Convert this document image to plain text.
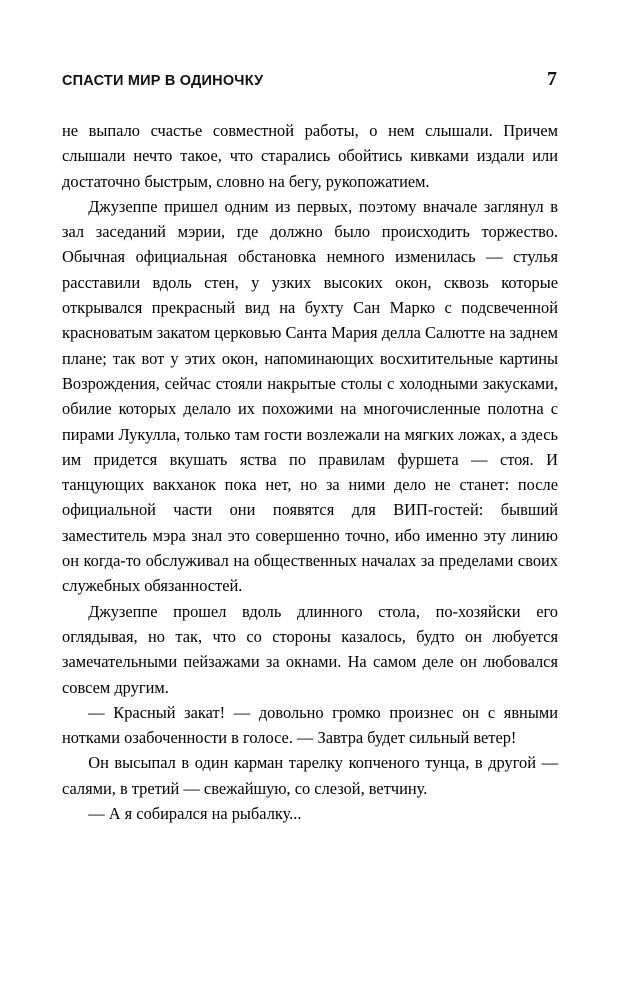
СПАСТИ МИР В ОДИНОЧКУ	7

не выпало счастье совместной работы, о нем слышали. Причем слышали нечто такое, что старались обойтись кивками издали или достаточно быстрым, словно на бегу, рукопожатием.

Джузеппе пришел одним из первых, поэтому вначале заглянул в зал заседаний мэрии, где должно было происходить торжество. Обычная официальная обстановка немного изменилась — стулья расставили вдоль стен, у узких высоких окон, сквозь которые открывался прекрасный вид на бухту Сан Марко с подсвеченной красноватым закатом церковью Санта Мария делла Салютте на заднем плане; так вот у этих окон, напоминающих восхитительные картины Возрождения, сейчас стояли накрытые столы с холодными закусками, обилие которых делало их похожими на многочисленные полотна с пирами Лукулла, только там гости возлежали на мягких ложах, а здесь им придется вкушать яства по правилам фуршета — стоя. И танцующих вакханок пока нет, но за ними дело не станет: после официальной части они появятся для ВИП-гостей: бывший заместитель мэра знал это совершенно точно, ибо именно эту линию он когда-то обслуживал на общественных началах за пределами своих служебных обязанностей.

Джузеппе прошел вдоль длинного стола, по-хозяйски его оглядывая, но так, что со стороны казалось, будто он любуется замечательными пейзажами за окнами. На самом деле он любовался совсем другим.

— Красный закат! — довольно громко произнес он с явными нотками озабоченности в голосе. — Завтра будет сильный ветер!

Он высыпал в один карман тарелку копченого тунца, в другой — салями, в третий — свежайшую, со слезой, ветчину.

— А я собирался на рыбалку...
